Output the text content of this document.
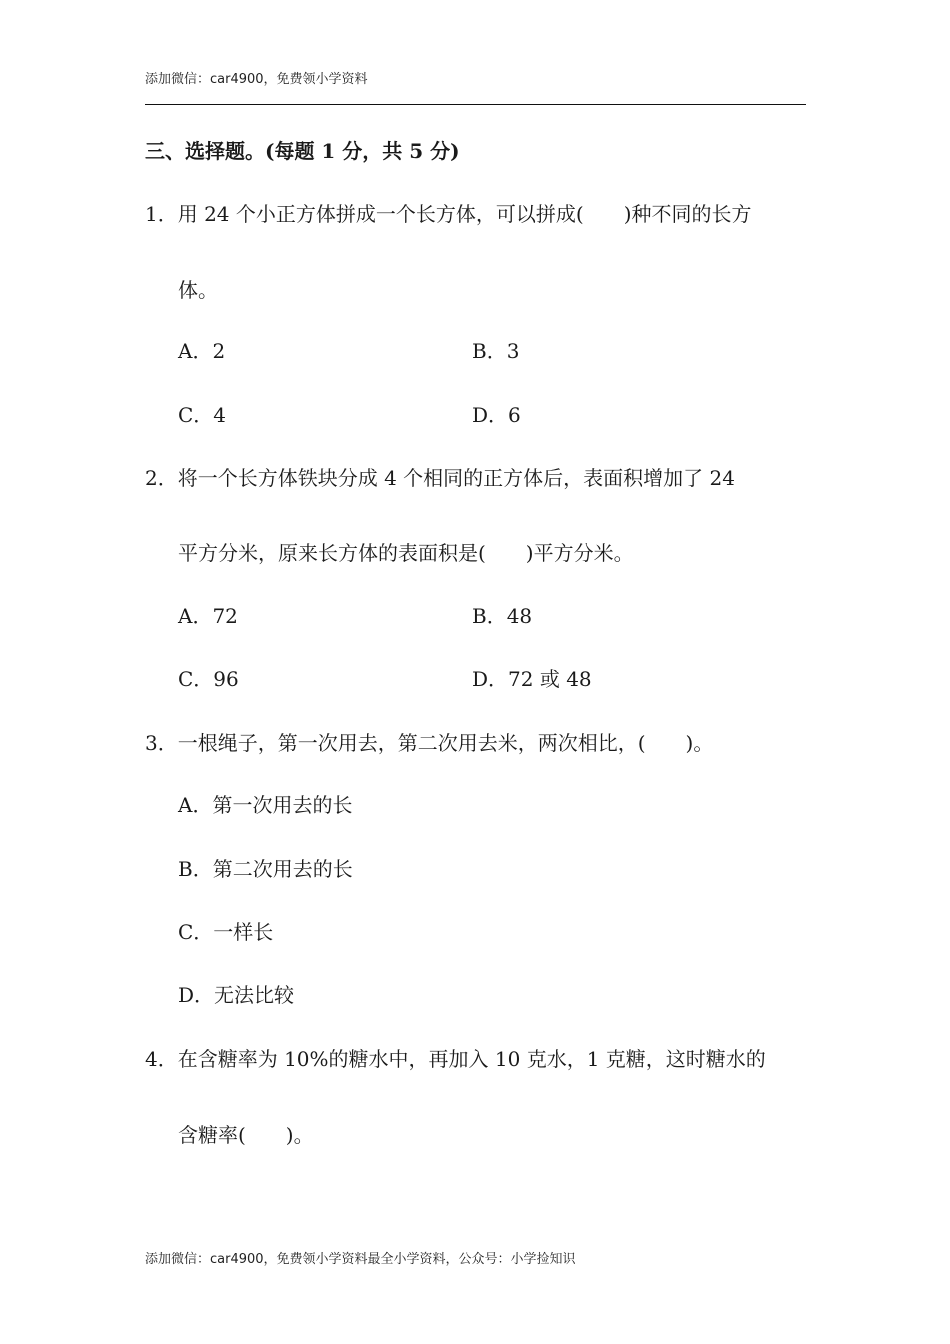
添加微信：car4900，免费领小学资料
三、选择题。(每题 1 分，共 5 分)
1．用 24 个小正方体拼成一个长方体，可以拼成(　　)种不同的长方
体。
A．2	B．3
C．4	D．6
2．将一个长方体铁块分成 4 个相同的正方体后，表面积增加了 24
平方分米，原来长方体的表面积是(　　)平方分米。
A．72	B．48
C．96	D．72 或 48
3．一根绳子，第一次用去，第二次用去米，两次相比，(　　)。
A．第一次用去的长
B．第二次用去的长
C．一样长
D．无法比较
4．在含糖率为 10%的糖水中，再加入 10 克水，1 克糖，这时糖水的
含糖率(　　)。
添加微信：car4900，免费领小学资料最全小学资料，公众号：小学捡知识
